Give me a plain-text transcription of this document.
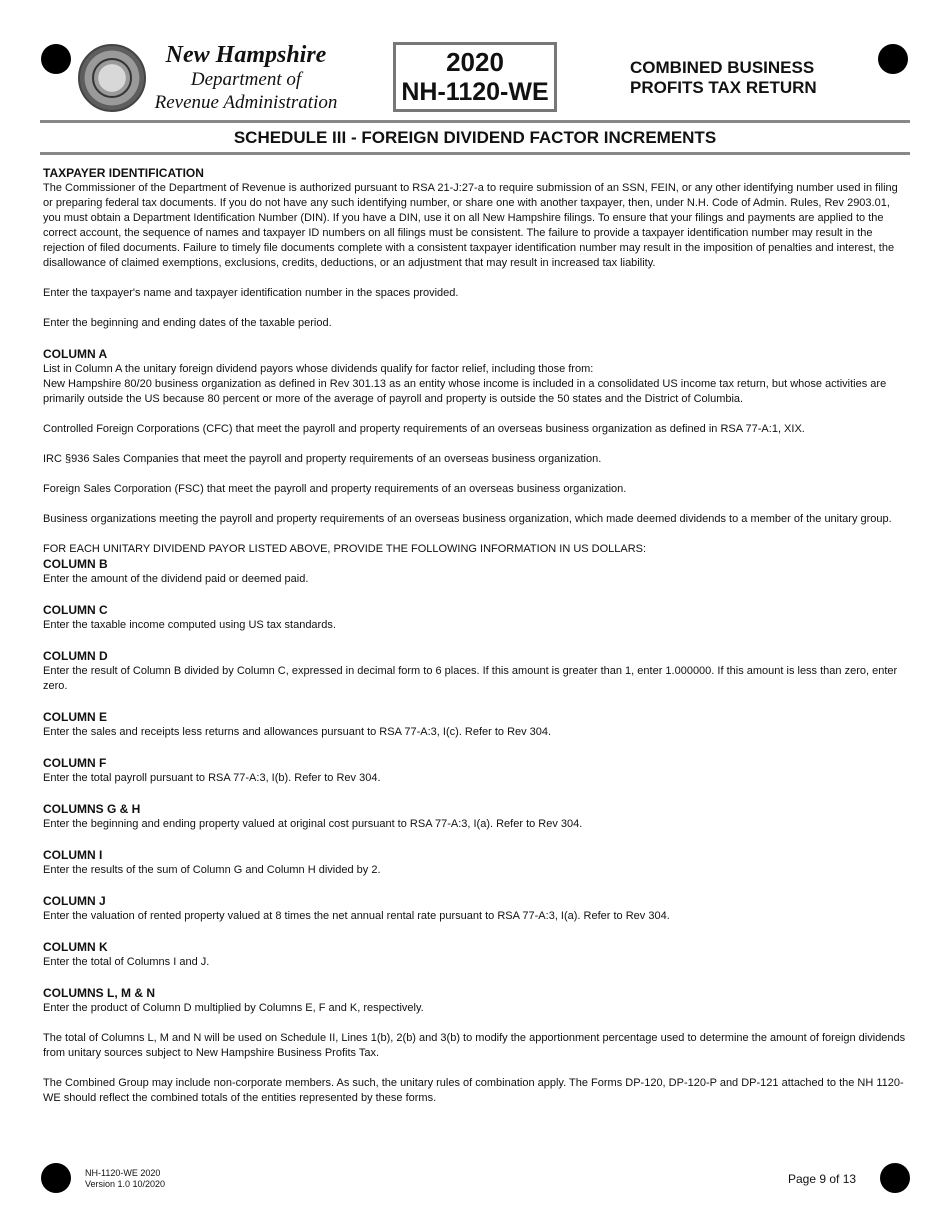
New Hampshire
Department of
Revenue Administration
2020
NH-1120-WE
COMBINED BUSINESS
PROFITS TAX RETURN
SCHEDULE III - FOREIGN DIVIDEND FACTOR INCREMENTS
TAXPAYER IDENTIFICATION

The Commissioner of the Department of Revenue is authorized pursuant to RSA 21-J:27-a to require submission of an SSN, FEIN, or any other identifying number used in filing or preparing federal tax documents. If you do not have any such identifying number, or share one with another taxpayer, then, under N.H. Code of Admin. Rules, Rev 2903.01, you must obtain a Department Identification Number (DIN). If you have a DIN, use it on all New Hampshire filings. To ensure that your filings and payments are applied to the correct account, the sequence of names and taxpayer ID numbers on all filings must be consistent. The failure to provide a taxpayer identification number may result in the rejection of filed documents. Failure to timely file documents complete with a consistent taxpayer identification number may result in the imposition of penalties and interest, the disallowance of claimed exemptions, exclusions, credits, deductions, or an adjustment that may result in increased tax liability.

Enter the taxpayer's name and taxpayer identification number in the spaces provided.

Enter the beginning and ending dates of the taxable period.

COLUMN A

List in Column A the unitary foreign dividend payors whose dividends qualify for factor relief, including those from:

New Hampshire 80/20 business organization as defined in Rev 301.13 as an entity whose income is included in a consolidated US income tax return, but whose activities are primarily outside the US because 80 percent or more of the average of payroll and property is outside the 50 states and the District of Columbia.

Controlled Foreign Corporations (CFC) that meet the payroll and property requirements of an overseas business organization as defined in RSA 77-A:1, XIX.

IRC §936 Sales Companies that meet the payroll and property requirements of an overseas business organization.

Foreign Sales Corporation (FSC) that meet the payroll and property requirements of an overseas business organization.

Business organizations meeting the payroll and property requirements of an overseas business organization, which made deemed dividends to a member of the unitary group.

FOR EACH UNITARY DIVIDEND PAYOR LISTED ABOVE, PROVIDE THE FOLLOWING INFORMATION IN US DOLLARS:

COLUMN B

Enter the amount of the dividend paid or deemed paid.

COLUMN C

Enter the taxable income computed using US tax standards.

COLUMN D

Enter the result of Column B divided by Column C, expressed in decimal form to 6 places. If this amount is greater than 1, enter 1.000000. If this amount is less than zero, enter zero.

COLUMN E

Enter the sales and receipts less returns and allowances pursuant to RSA 77-A:3, I(c). Refer to Rev 304.

COLUMN F

Enter the total payroll pursuant to RSA 77-A:3, I(b). Refer to Rev 304.

COLUMNS G & H

Enter the beginning and ending property valued at original cost pursuant to RSA 77-A:3, I(a). Refer to Rev 304.

COLUMN I

Enter the results of the sum of Column G and Column H divided by 2.

COLUMN J

Enter the valuation of rented property valued at 8 times the net annual rental rate pursuant to RSA 77-A:3, I(a). Refer to Rev 304.

COLUMN K

Enter the total of Columns I and J.

COLUMNS L, M & N

Enter the product of Column D multiplied by Columns E, F and K, respectively.

The total of Columns L, M and N will be used on Schedule II, Lines 1(b), 2(b) and 3(b) to modify the apportionment percentage used to determine the amount of foreign dividends from unitary sources subject to New Hampshire Business Profits Tax.

The Combined Group may include non-corporate members. As such, the unitary rules of combination apply. The Forms DP-120, DP-120-P and DP-121 attached to the NH 1120-WE should reflect the combined totals of the entities represented by these forms.

NH-1120-WE 2020
Version 1.0 10/2020	Page 9 of 13
